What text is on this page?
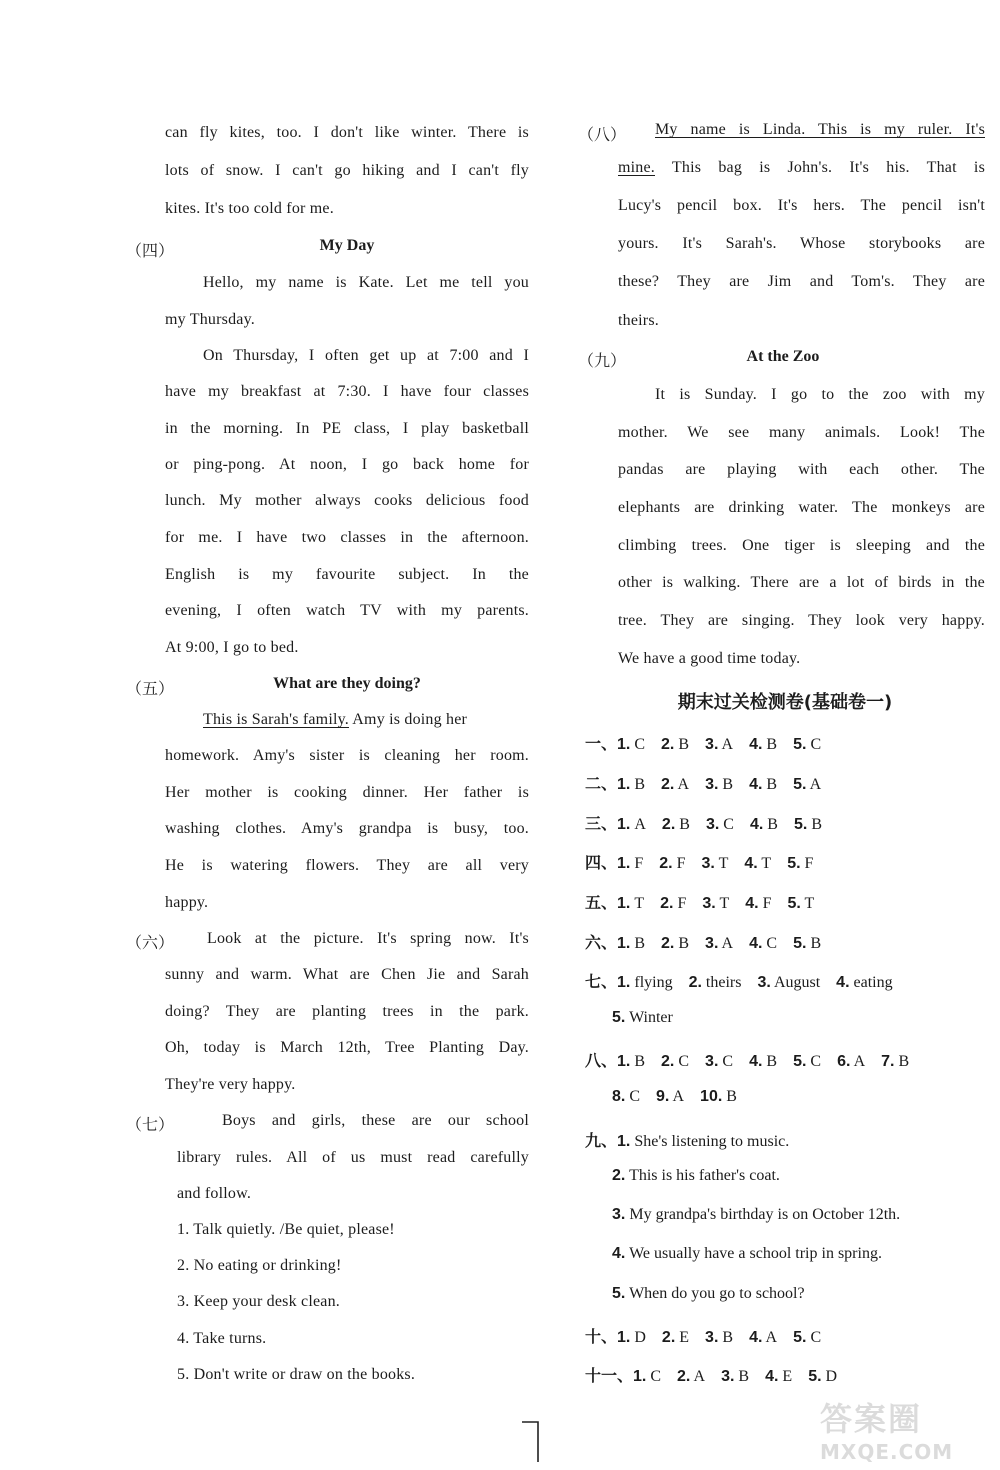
can fly kites, too. I don't like winter. There is
lots of snow. I can't go hiking and I can't fly
kites. It's too cold for me.
（四）	My Day
Hello, my name is Kate. Let me tell you
my Thursday.
On Thursday, I often get up at 7:00 and I
have my breakfast at 7:30. I have four classes
in the morning. In PE class, I play basketball
or ping-pong. At noon, I go back home for
lunch. My mother always cooks delicious food
for me. I have two classes in the afternoon.
English is my favourite subject. In the
evening, I often watch TV with my parents.
At 9:00, I go to bed.
（五）	What are they doing?
This is Sarah's family. Amy is doing her
homework. Amy's sister is cleaning her room.
Her mother is cooking dinner. Her father is
washing clothes. Amy's grandpa is busy, too.
He is watering flowers. They are all very
happy.
（六） Look at the picture. It's spring now. It's
sunny and warm. What are Chen Jie and Sarah
doing? They are planting trees in the park.
Oh, today is March 12th, Tree Planting Day.
They're very happy.
（七）	Boys and girls, these are our school
library rules. All of us must read carefully
and follow.
1. Talk quietly. /Be quiet, please!
2. No eating or drinking!
3. Keep your desk clean.
4. Take turns.
5. Don't write or draw on the books.
（八） My name is Linda. This is my ruler. It's
mine. This bag is John's. It's his. That is
Lucy's pencil box. It's hers. The pencil isn't
yours. It's Sarah's. Whose storybooks are
these? They are Jim and Tom's. They are
theirs.
（九）	At the Zoo
It is Sunday. I go to the zoo with my
mother. We see many animals. Look! The
pandas are playing with each other. The
elephants are drinking water. The monkeys are
climbing trees. One tiger is sleeping and the
other is walking. There are a lot of birds in the
tree. They are singing. They look very happy.
We have a good time today.
期末过关检测卷(基础卷一)
一、1. C 2. B 3. A 4. B 5. C
二、1. B 2. A 3. B 4. B 5. A
三、1. A 2. B 3. C 4. B 5. B
四、1. F 2. F 3. T 4. T 5. F
五、1. T 2. F 3. T 4. F 5. T
六、1. B 2. B 3. A 4. C 5. B
七、1. flying 2. theirs 3. August 4. eating
5. Winter
八、1. B 2. C 3. C 4. B 5. C 6. A 7. B
8. C 9. A 10. B
九、1. She's listening to music.
2. This is his father's coat.
3. My grandpa's birthday is on October 12th.
4. We usually have a school trip in spring.
5. When do you go to school?
十、1. D 2. E 3. B 4. A 5. C
十一、1. C 2. A 3. B 4. E 5. D
答案圈
MXQE.COM
